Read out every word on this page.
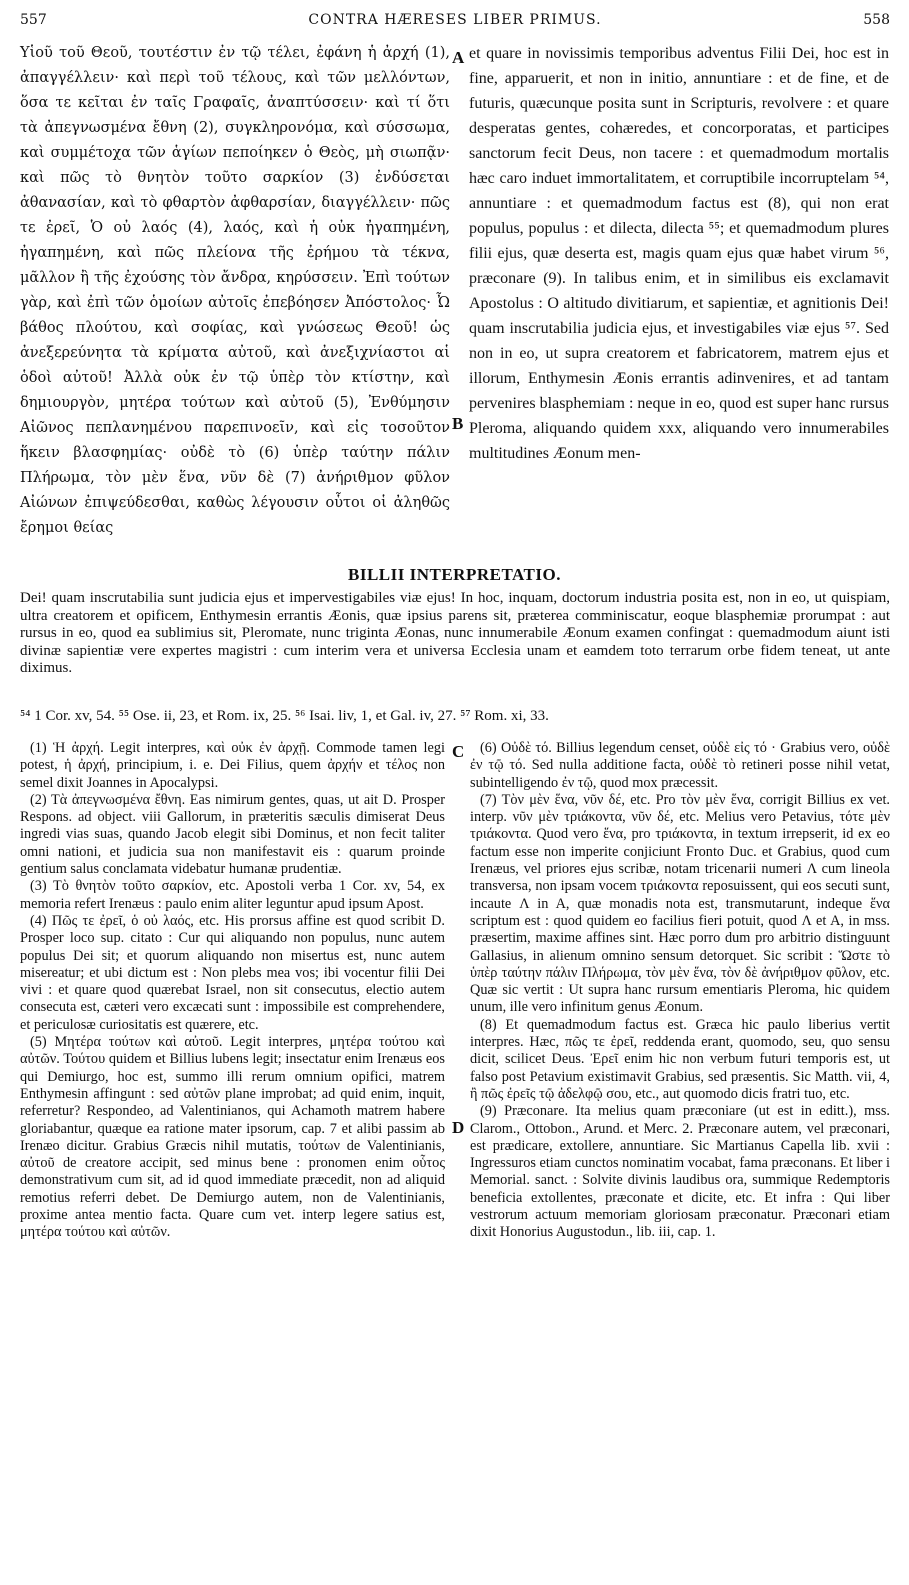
557	CONTRA HÆRESES LIBER PRIMUS.	558

Υἱοῦ τοῦ Θεοῦ, τουτέστιν ἐν τῷ τέλει, ἐφάνη ἡ ἀρχή (1), ἀπαγγέλλειν· καὶ περὶ τοῦ τέλους, καὶ τῶν μελλόντων, ὅσα τε κεῖται ἐν ταῖς Γραφαῖς, ἀναπτύσσειν· καὶ τί ὅτι τὰ ἀπεγνωσμένα ἔθνη (2), συγκληρονόμα, καὶ σύσσωμα, καὶ συμμέτοχα τῶν ἁγίων πεποίηκεν ὁ Θεὸς, μὴ σιωπᾷν· καὶ πῶς τὸ θνητὸν τοῦτο σαρκίον (3) ἐνδύσεται ἀθανασίαν, καὶ τὸ φθαρτὸν ἀφθαρσίαν, διαγγέλλειν· πῶς τε ἐρεῖ, Ὁ οὐ λαός (4), λαός, καὶ ἡ οὐκ ἠγαπημένη, ἠγαπημένη, καὶ πῶς πλείονα τῆς ἐρήμου τὰ τέκνα, μᾶλλον ἢ τῆς ἐχούσης τὸν ἄνδρα, κηρύσσειν. Ἐπὶ τούτων γὰρ, καὶ ἐπὶ τῶν ὁμοίων αὐτοῖς ἐπεβόησεν Ἀπόστολος· Ὦ βάθος πλούτου, καὶ σοφίας, καὶ γνώσεως Θεοῦ! ὡς ἀνεξερεύνητα τὰ κρίματα αὐτοῦ, καὶ ἀνεξιχνίαστοι αἱ ὁδοὶ αὐτοῦ! Ἀλλὰ οὐκ ἐν τῷ ὑπὲρ τὸν κτίστην, καὶ δημιουργὸν, μητέρα τούτων καὶ αὐτοῦ (5), Ἐνθύμησιν Αἰῶνος πεπλανημένου παρεπινοεῖν, καὶ εἰς τοσοῦτον ἥκειν βλασφημίας· οὐδὲ τὸ (6) ὑπὲρ ταύτην πάλιν Πλήρωμα, τὸν μὲν ἕνα, νῦν δὲ (7) ἀνήριθμον φῦλον Αἰώνων ἐπιψεύδεσθαι, καθὼς λέγουσιν οὗτοι οἱ ἀληθῶς ἔρημοι θείας

et quare in novissimis temporibus adventus Filii Dei, hoc est in fine, apparuerit, et non in initio, annuntiare : et de fine, et de futuris, quæcunque posita sunt in Scripturis, revolvere : et quare desperatas gentes, cohæredes, et concorporatas, et participes sanctorum fecit Deus, non tacere : et quemadmodum mortalis hæc caro induet immortalitatem, et corruptibile incorruptelam ⁵⁴, annuntiare : et quemadmodum factus est (8), qui non erat populus, populus : et dilecta, dilecta ⁵⁵; et quemadmodum plures filii ejus, quæ deserta est, magis quam ejus quæ habet virum ⁵⁶, præconare (9). In talibus enim, et in similibus eis exclamavit Apostolus : O altitudo divitiarum, et sapientiæ, et agnitionis Dei! quam inscrutabilia judicia ejus, et investigabiles viæ ejus ⁵⁷. Sed non in eo, ut supra creatorem et fabricatorem, matrem ejus et illorum, Enthymesin Æonis errantis adinvenires, et ad tantam pervenires blasphemiam : neque in eo, quod est super hanc rursus Pleroma, aliquando quidem xxx, aliquando vero innumerabiles multitudines Æonum men-

A
B
C
D
BILLII INTERPRETATIO.
Dei! quam inscrutabilia sunt judicia ejus et impervestigabiles viæ ejus! In hoc, inquam, doctorum industria posita est, non in eo, ut quispiam, ultra creatorem et opificem, Enthymesin errantis Æonis, quæ ipsius parens sit, præterea comminiscatur, eoque blasphemiæ prorumpat : aut rursus in eo, quod ea sublimius sit, Pleromate, nunc triginta Æonas, nunc innumerabile Æonum examen confingat : quemadmodum aiunt isti divinæ sapientiæ vere expertes magistri : cum interim vera et universa Ecclesia unam et eamdem toto terrarum orbe fidem teneat, ut ante diximus.
⁵⁴ 1 Cor. xv, 54. ⁵⁵ Ose. ii, 23, et Rom. ix, 25. ⁵⁶ Isai. liv, 1, et Gal. iv, 27. ⁵⁷ Rom. xi, 33.

(1) Ἡ ἀρχή. Legit interpres, καὶ οὐκ ἐν ἀρχῇ. Commode tamen legi potest, ἡ ἀρχή, principium, i. e. Dei Filius, quem ἀρχήν et τέλος non semel dixit Joannes in Apocalypsi.

(2) Τὰ ἀπεγνωσμένα ἔθνη. Eas nimirum gentes, quas, ut ait D. Prosper Respons. ad object. viii Gallorum, in præteritis sæculis dimiserat Deus ingredi vias suas, quando Jacob elegit sibi Dominus, et non fecit taliter omni nationi, et judicia sua non manifestavit eis : quarum proinde gentium salus conclamata videbatur humanæ prudentiæ.

(3) Τὸ θνητὸν τοῦτο σαρκίον, etc. Apostoli verba 1 Cor. xv, 54, ex memoria refert Irenæus : paulo enim aliter leguntur apud ipsum Apost.

(4) Πῶς τε ἐρεῖ, ὁ οὐ λαός, etc. His prorsus affine est quod scribit D. Prosper loco sup. citato : Cur qui aliquando non populus, nunc autem populus Dei sit; et quorum aliquando non misertus est, nunc autem misereatur; et ubi dictum est : Non plebs mea vos; ibi vocentur filii Dei vivi : et quare quod quærebat Israel, non sit consecutus, electio autem consecuta est, cæteri vero excæcati sunt : impossibile est comprehendere, et periculosæ curiositatis est quærere, etc.

(5) Μητέρα τούτων καὶ αὐτοῦ. Legit interpres, μητέρα τούτου καὶ αὐτῶν. Τούτου quidem et Billius lubens legit; insectatur enim Irenæus eos qui Demiurgo, hoc est, summo illi rerum omnium opifici, matrem Enthymesin affingunt : sed αὐτῶν plane improbat; ad quid enim, inquit, referretur? Respondeo, ad Valentinianos, qui Achamoth matrem habere gloriabantur, quæque ea ratione mater ipsorum, cap. 7 et alibi passim ab Irenæo dicitur. Grabius Græcis nihil mutatis, τούτων de Valentinianis, αὐτοῦ de creatore accipit, sed minus bene : pronomen enim οὗτος demonstrativum cum sit, ad id quod immediate præcedit, non ad aliquid remotius referri debet. De Demiurgo autem, non de Valentinianis, proxime antea mentio facta. Quare cum vet. interp legere satius est, μητέρα τούτου καὶ αὐτῶν.

(6) Οὐδὲ τό. Billius legendum censet, οὐδὲ εἰς τό · Grabius vero, οὐδὲ ἐν τῷ τό. Sed nulla additione facta, οὐδὲ τὸ retineri posse nihil vetat, subintelligendo ἐν τῷ, quod mox præcessit.

(7) Τὸν μὲν ἕνα, νῦν δέ, etc. Pro τὸν μὲν ἕνα, corrigit Billius ex vet. interp. νῦν μὲν τριάκοντα, νῦν δέ, etc. Melius vero Petavius, τότε μὲν τριάκοντα. Quod vero ἕνα, pro τριάκοντα, in textum irrepserit, id ex eo factum esse non imperite conjiciunt Fronto Duc. et Grabius, quod cum Irenæus, vel priores ejus scribæ, notam tricenarii numeri Λ cum lineola transversa, non ipsam vocem τριάκοντα reposuissent, qui eos secuti sunt, incaute Λ in A, quæ monadis nota est, transmutarunt, indeque ἕνα scriptum est : quod quidem eo facilius fieri potuit, quod Λ et A, in mss. præsertim, maxime affines sint. Hæc porro dum pro arbitrio distinguunt Gallasius, in alienum omnino sensum detorquet. Sic scribit : Ὥστε τὸ ὑπὲρ ταύτην πάλιν Πλήρωμα, τὸν μὲν ἕνα, τὸν δὲ ἀνήριθμον φῦλον, etc. Quæ sic vertit : Ut supra hanc rursum ementiaris Pleroma, hic quidem unum, ille vero infinitum genus Æonum.

(8) Et quemadmodum factus est. Græca hic paulo liberius vertit interpres. Hæc, πῶς τε ἐρεῖ, reddenda erant, quomodo, seu, quo sensu dicit, scilicet Deus. Ἐρεῖ enim hic non verbum futuri temporis est, ut falso post Petavium existimavit Grabius, sed præsentis. Sic Matth. vii, 4, ἢ πῶς ἐρεῖς τῷ ἀδελφῷ σου, etc., aut quomodo dicis fratri tuo, etc.

(9) Præconare. Ita melius quam præconiare (ut est in editt.), mss. Clarom., Ottobon., Arund. et Merc. 2. Præconare autem, vel præconari, est prædicare, extollere, annuntiare. Sic Martianus Capella lib. xvii : Ingressuros etiam cunctos nominatim vocabat, fama præconans. Et liber i Memorial. sanct. : Solvite divinis laudibus ora, summique Redemptoris beneficia extollentes, præconate et dicite, etc. Et infra : Qui liber vestrorum actuum memoriam gloriosam præconatur. Præconari etiam dixit Honorius Augustodun., lib. iii, cap. 1.
